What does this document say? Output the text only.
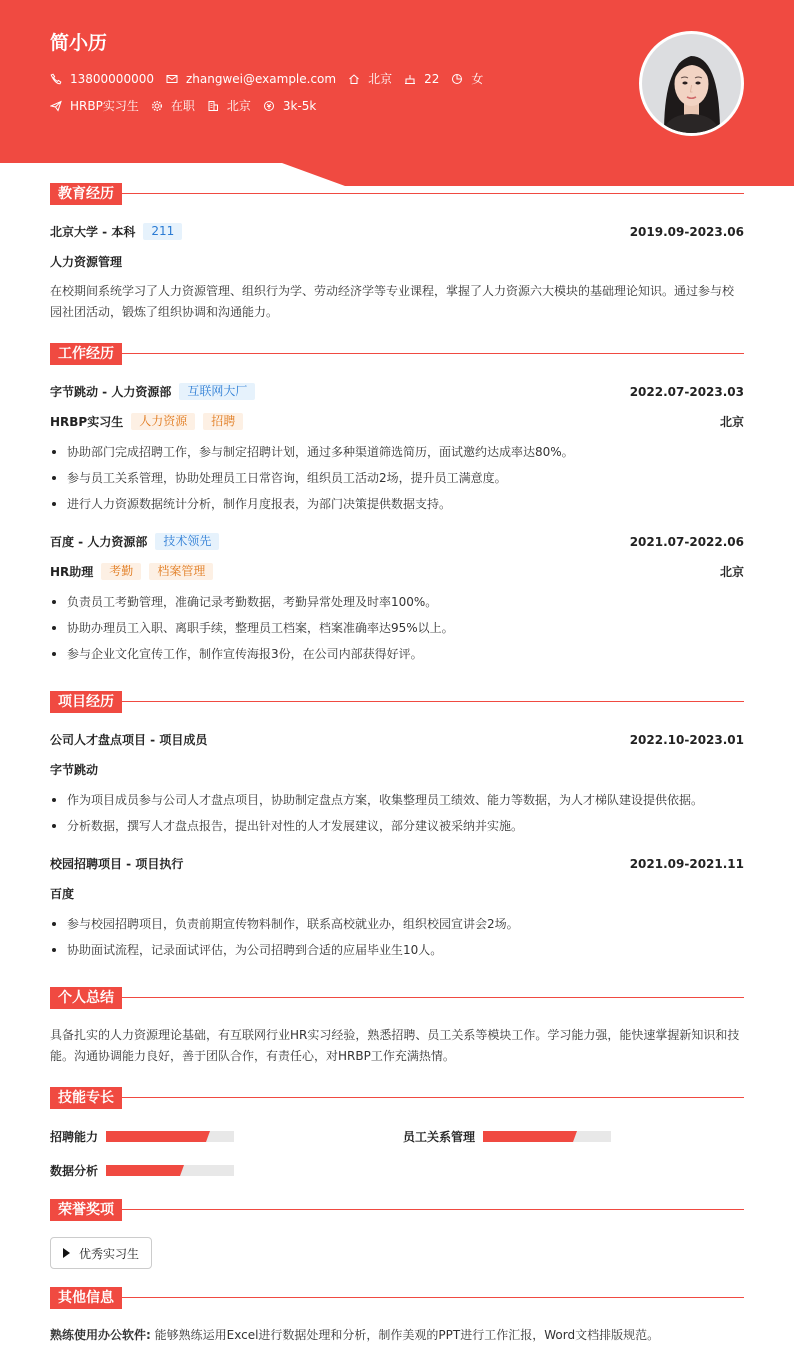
简小历
13800000000	zhangwei@example.com	北京	22	女
HRBP实习生	在职	北京	3k-5k
教育经历
北京大学 - 本科	211	2019.09-2023.06
人力资源管理
在校期间系统学习了人力资源管理、组织行为学、劳动经济学等专业课程，掌握了人力资源六大模块的基础理论知识。通过参与校园社团活动，锻炼了组织协调和沟通能力。
工作经历
字节跳动 - 人力资源部	互联网大厂	2022.07-2023.03
HRBP实习生	人力资源	招聘	北京
协助部门完成招聘工作，参与制定招聘计划，通过多种渠道筛选简历，面试邀约达成率达80%。
参与员工关系管理，协助处理员工日常咨询，组织员工活动2场，提升员工满意度。
进行人力资源数据统计分析，制作月度报表，为部门决策提供数据支持。
百度 - 人力资源部	技术领先	2021.07-2022.06
HR助理	考勤	档案管理	北京
负责员工考勤管理，准确记录考勤数据，考勤异常处理及时率100%。
协助办理员工入职、离职手续，整理员工档案，档案准确率达95%以上。
参与企业文化宣传工作，制作宣传海报3份，在公司内部获得好评。
项目经历
公司人才盘点项目 - 项目成员	2022.10-2023.01
字节跳动
作为项目成员参与公司人才盘点项目，协助制定盘点方案，收集整理员工绩效、能力等数据，为人才梯队建设提供依据。
分析数据，撰写人才盘点报告，提出针对性的人才发展建议，部分建议被采纳并实施。
校园招聘项目 - 项目执行	2021.09-2021.11
百度
参与校园招聘项目，负责前期宣传物料制作，联系高校就业办，组织校园宣讲会2场。
协助面试流程，记录面试评估，为公司招聘到合适的应届毕业生10人。
个人总结
具备扎实的人力资源理论基础，有互联网行业HR实习经验，熟悉招聘、员工关系等模块工作。学习能力强，能快速掌握新知识和技能。沟通协调能力良好，善于团队合作，有责任心，对HRBP工作充满热情。
技能专长
招聘能力	员工关系管理
数据分析
荣誉奖项
优秀实习生
其他信息
熟练使用办公软件: 能够熟练运用Excel进行数据处理和分析，制作美观的PPT进行工作汇报，Word文档排版规范。
